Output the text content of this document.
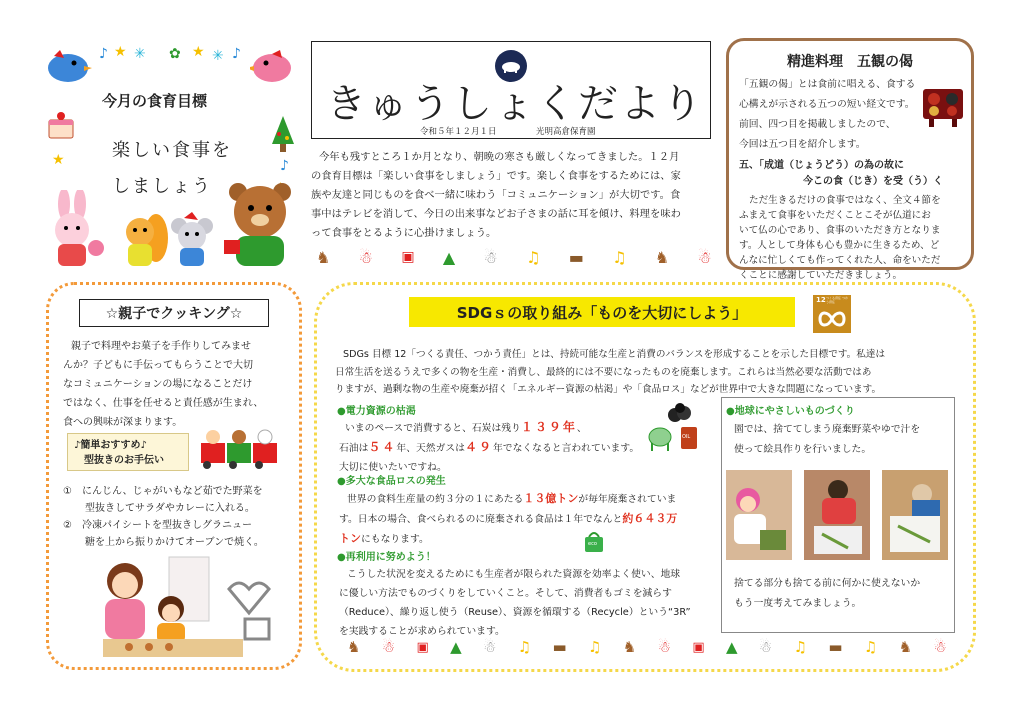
♪ ★ ✳ ✿ ★ ✳ ♪
★	♪
今月の食育目標
楽しい食事を
しましょう
きゅうしょくだより
令和５年１２月１日	光明高倉保育園
今年も残すところ１か月となり、朝晩の寒さも厳しくなってきました。１２月
の食育目標は「楽しい食事をしましょう」です。楽しく食事をするためには、家
族や友達と同じものを食べ一緒に味わう「コミュニケーション」が大切です。食
事中はテレビを消して、今日の出来事などお子さまの話に耳を傾け、料理を味わ
って食事をとるように心掛けましょう。
♞ ☃ ▣ ▲ ☃ ♫ ▬ ♫ ♞ ☃
精進料理　五観の偈
「五観の偈」とは食前に唱える、食する
心構えが示される五つの短い経文です。
前回、四つ目を掲載しましたので、
今回は五つ目を紹介します。
五、「成道（じょうどう）の為の故に
今この食（じき）を受（う）く
ただ生きるだけの食事ではなく、全文４節を
ふまえて食事をいただくことこそが仏道にお
いて仏の心であり、食事のいただき方となりま
す。人として身体も心も豊かに生きるため、ど
んなに忙しくても作ってくれた人、命をいただ
くことに感謝していただきましょう。
☆親子でクッキング☆
親子で料理やお菓子を手作りしてみませ
んか？子どもに手伝ってもらうことで大切
なコミュニケーションの場になることだけ
ではなく、仕事を任せると責任感が生まれ、
食への興味が深まります。
♪簡単おすすめ♪
型抜きのお手伝い
①　にんじん、じゃがいもなど茹でた野菜を
型抜きしてサラダやカレーに入れる。
②　冷凍パイシートを型抜きしグラニュー
糖を上から振りかけてオーブンで焼く。
SDGｓの取り組み「ものを大切にしよう」
12 つくる責任 つかう責任
SDGs 目標 12「つくる責任、つかう責任」とは、持続可能な生産と消費のバランスを形成することを示した目標です。私達は
日常生活を送るうえで多くの物を生産・消費し、最終的には不要になったものを廃棄します。これらは当然必要な活動ではあ
りますが、過剰な物の生産や廃棄が招く「エネルギー資源の枯渇」や「食品ロス」などが世界中で大きな問題になっています。
●電力資源の枯渇
いまのペースで消費すると、石炭は残り１３９年、
石油は５４年、天然ガスは４９年でなくなると言われています。
大切に使いたいですね。
OIL
●多大な食品ロスの発生
世界の食料生産量の約３分の１にあたる１３億トンが毎年廃棄されていま
す。日本の場合、食べられるのに廃棄される食品は１年でなんと約６４３万
トンにもなります。
●再利用に努めよう！
eco
こうした状況を変えるためにも生産者が限られた資源を効率よく使い、地球
に優しい方法でものづくりをしていくこと。そして、消費者もゴミを減らす
（Reduce）、繰り返し使う（Reuse）、資源を循環する（Recycle）という“3R”
を実践することが求められています。
●地球にやさしいものづくり
園では、捨ててしまう廃棄野菜やゆで汁を
使って絵具作りを行いました。
捨てる部分も捨てる前に何かに使えないか
もう一度考えてみましょう。
♞ ☃ ▣ ▲ ☃ ♫ ▬ ♫ ♞ ☃ ▣ ▲ ☃ ♫ ▬ ♫ ♞ ☃
